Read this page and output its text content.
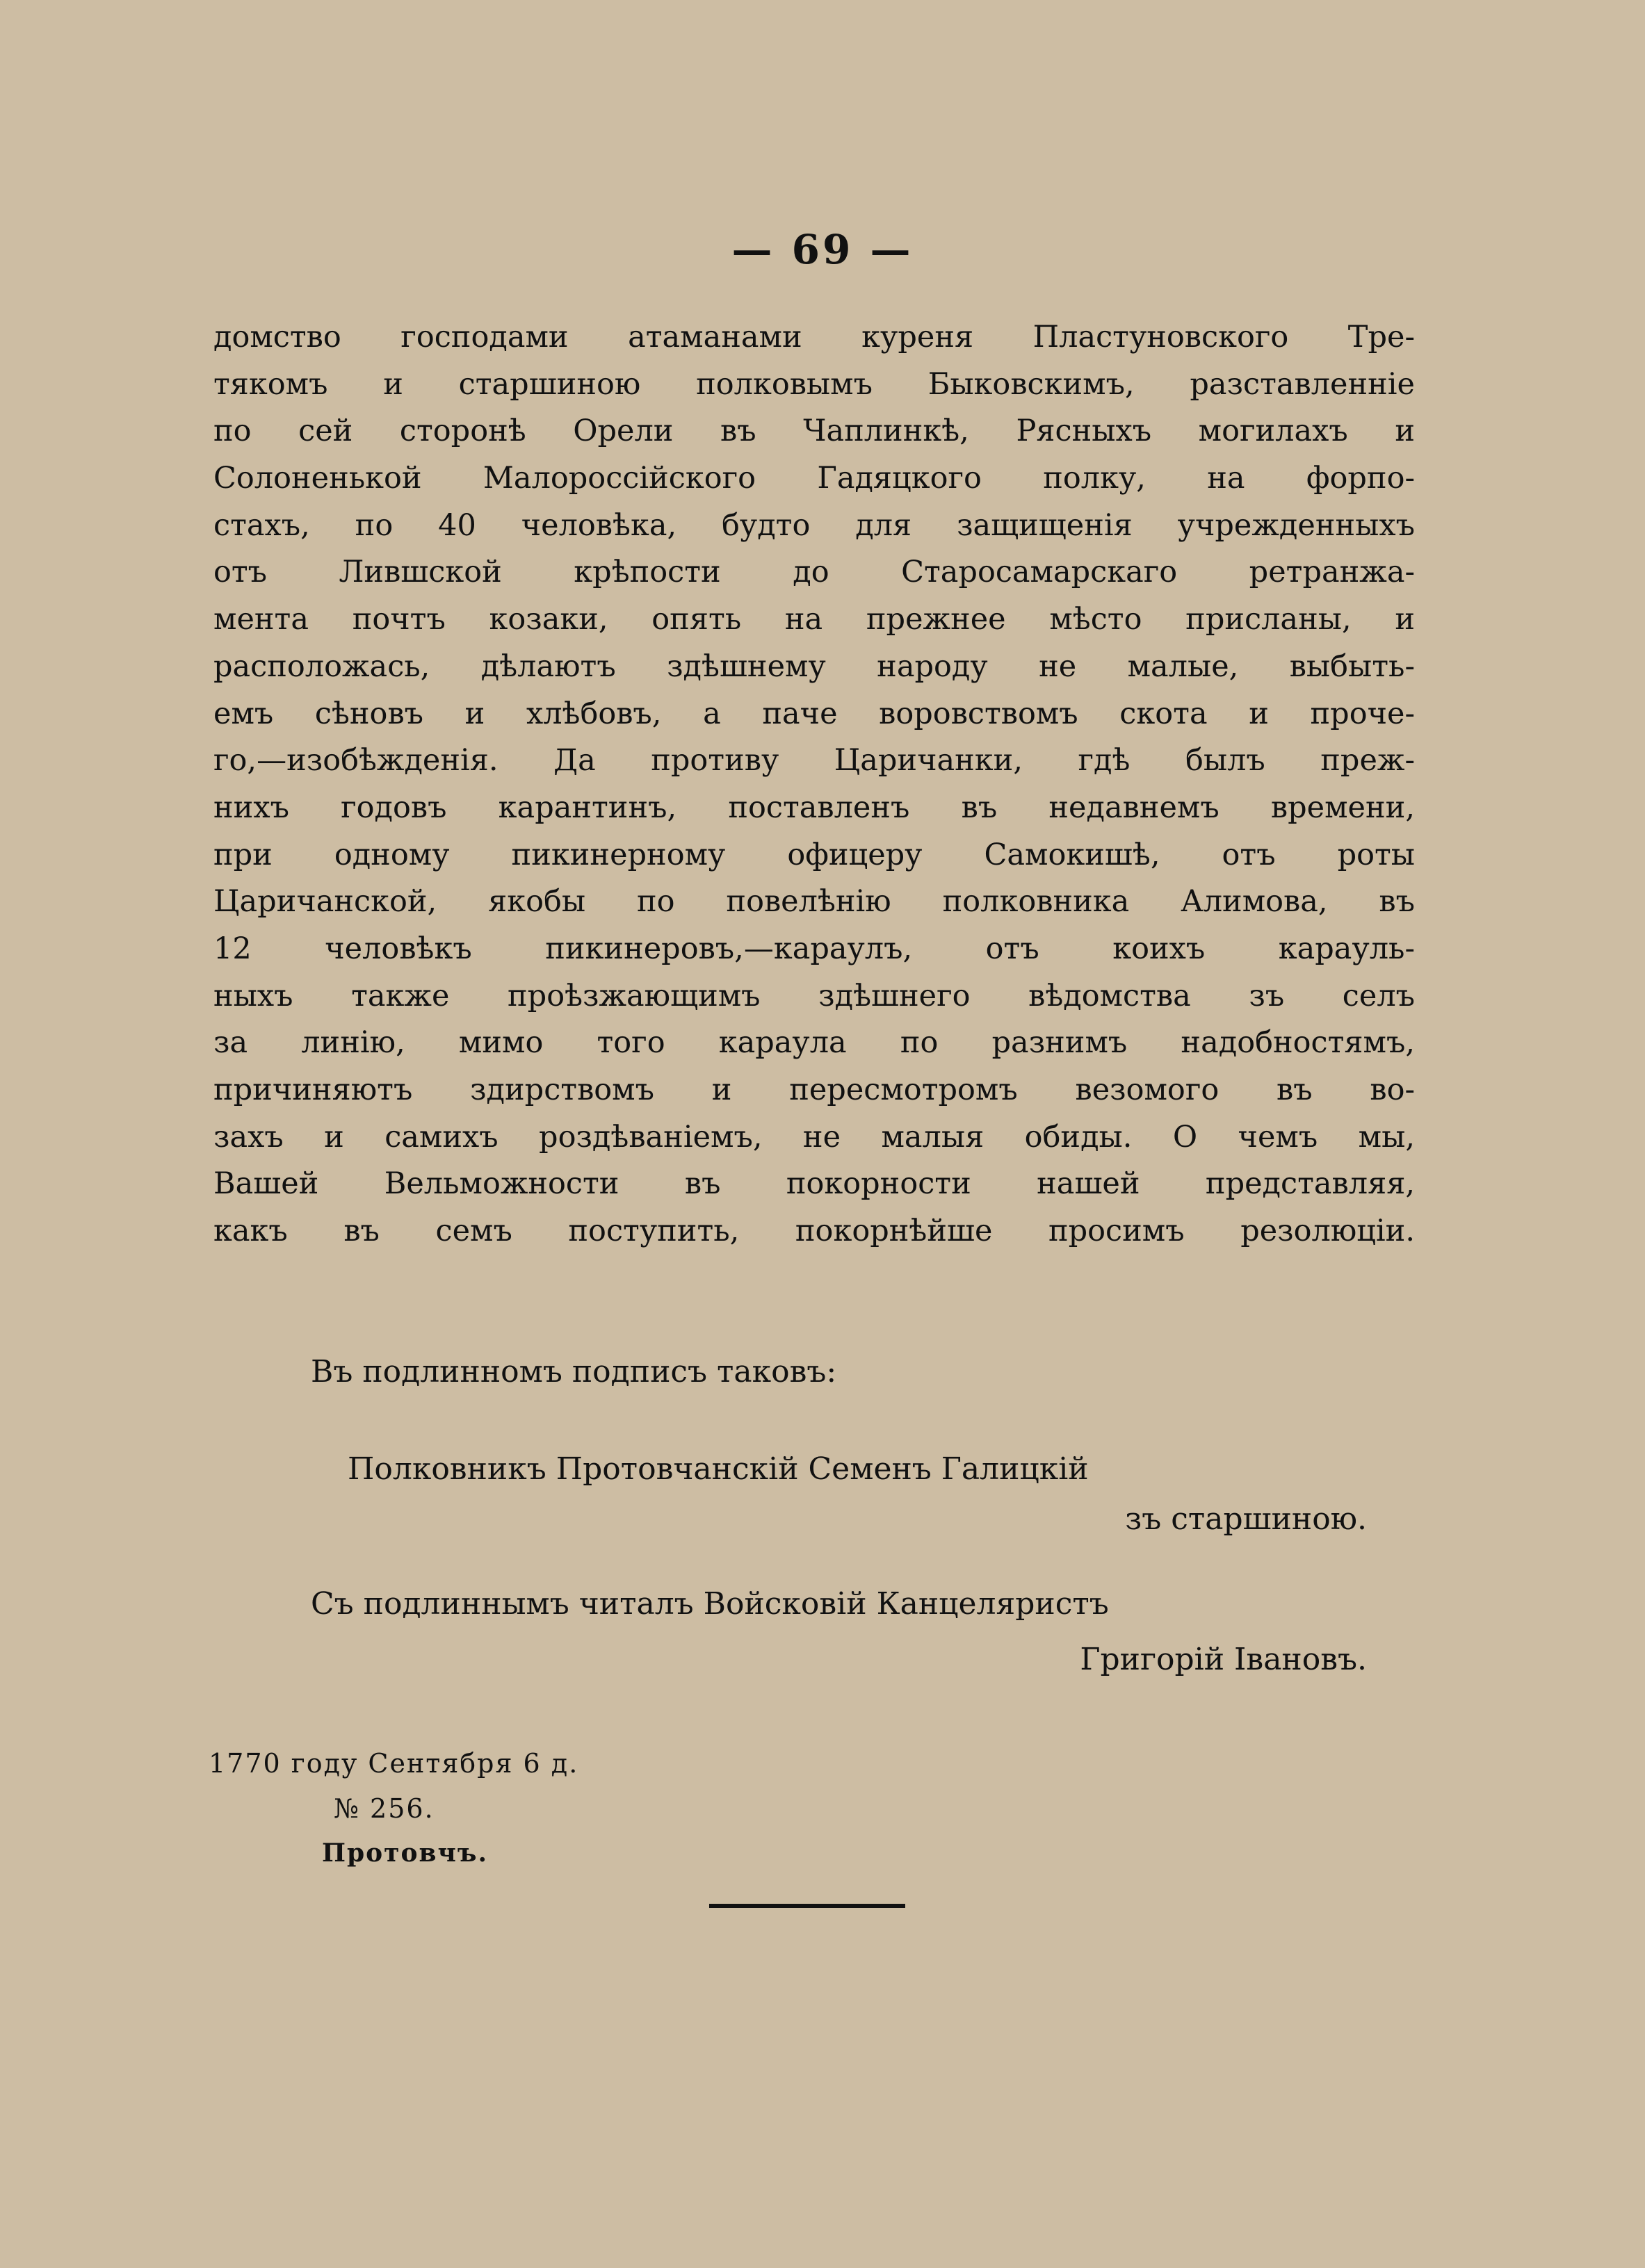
— 69 —
домство господами атаманами куреня Пластуновского Тре-
тякомъ и старшиною полковымъ Быковскимъ, разставленніе
по сей сторонѣ Орели въ Чаплинкѣ, Рясныхъ могилахъ и
Солоненькой Малороссійского Гадяцкого полку, на форпо-
стахъ, по 40 человѣка, будто для защищенія учрежденныхъ
отъ Лившской крѣпости до Старосамарскаго ретранжа-
мента почтъ козаки, опять на прежнее мѣсто присланы, и
расположась, дѣлаютъ здѣшнему народу не малые, выбыть-
емъ сѣновъ и хлѣбовъ, а паче воровствомъ скота и проче-
го,—изобѣжденія. Да противу Царичанки, гдѣ былъ преж-
нихъ годовъ карантинъ, поставленъ въ недавнемъ времени,
при одному пикинерному офицеру Самокишѣ, отъ роты
Царичанской, якобы по повелѣнію полковника Алимова, въ
12 человѣкъ пикинеровъ,—караулъ, отъ коихъ карауль-
ныхъ также проѣзжающимъ здѣшнего вѣдомства зъ селъ
за линію, мимо того караула по разнимъ надобностямъ,
причиняютъ здирствомъ и пересмотромъ везомого въ во-
захъ и самихъ роздѣваніемъ, не малыя обиды. О чемъ мы,
Вашей Вельможности въ покорности нашей представляя,
какъ въ семъ поступить, покорнѣйше просимъ резолюціи.
Въ подлинномъ подписъ таковъ:
Полковникъ Протовчанскій Семенъ Галицкій
зъ старшиною.
Съ подлиннымъ читалъ Войсковій Канцеляристъ
Григорій Івановъ.
1770 году Сентября 6 д.
№ 256.
Протовчъ.
